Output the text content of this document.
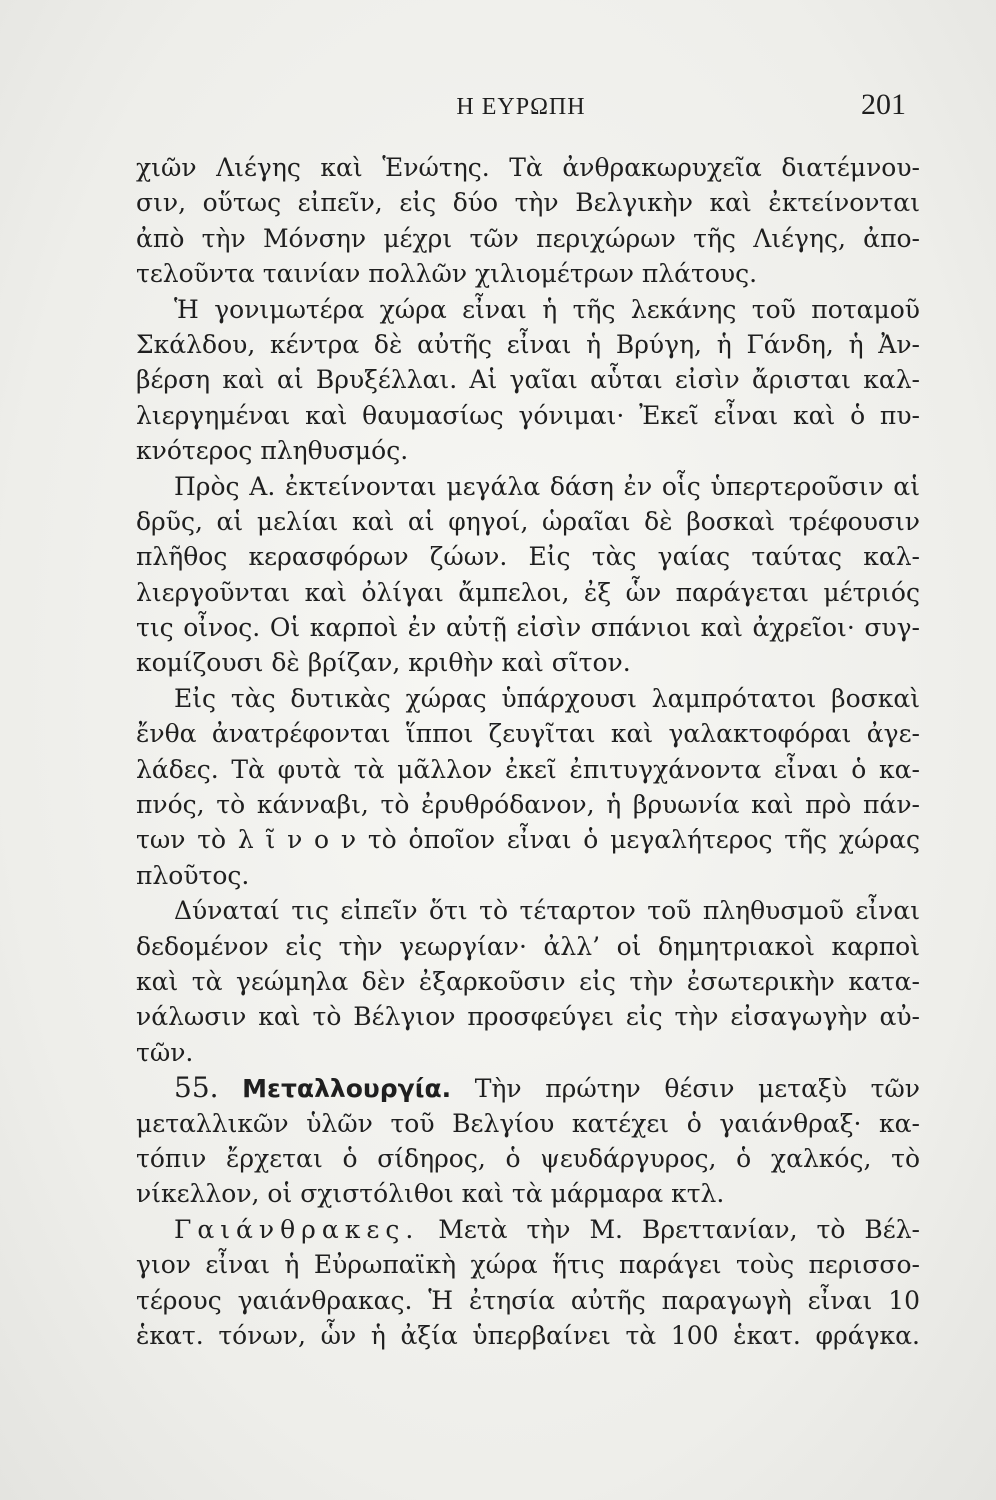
Η ΕΥΡΩΠΗ	201
χιῶν Λιέγης καὶ Ἑνώτης. Τὰ ἀνθρακωρυχεῖα διατέμνου-
σιν, οὕτως εἰπεῖν, εἰς δύο τὴν Βελγικὴν καὶ ἐκτείνονται
ἀπὸ τὴν Μόνσην μέχρι τῶν περιχώρων τῆς Λιέγης, ἀπο-
τελοῦντα ταινίαν πολλῶν χιλιομέτρων πλάτους.
Ἡ γονιμωτέρα χώρα εἶναι ἡ τῆς λεκάνης τοῦ ποταμοῦ
Σκάλδου, κέντρα δὲ αὐτῆς εἶναι ἡ Βρύγη, ἡ Γάνδη, ἡ Ἀν-
βέρση καὶ αἱ Βρυξέλλαι. Αἱ γαῖαι αὗται εἰσὶν ἄρισται καλ-
λιεργημέναι καὶ θαυμασίως γόνιμαι· Ἐκεῖ εἶναι καὶ ὁ πυ-
κνότερος πληθυσμός.
Πρὸς Α. ἐκτείνονται μεγάλα δάση ἐν οἷς ὑπερτεροῦσιν αἱ
δρῦς, αἱ μελίαι καὶ αἱ φηγοί, ὡραῖαι δὲ βοσκαὶ τρέφουσιν
πλῆθος κερασφόρων ζώων. Εἰς τὰς γαίας ταύτας καλ-
λιεργοῦνται καὶ ὀλίγαι ἄμπελοι, ἐξ ὧν παράγεται μέτριός
τις οἶνος. Οἱ καρποὶ ἐν αὐτῇ εἰσὶν σπάνιοι καὶ ἀχρεῖοι· συγ-
κομίζουσι δὲ βρίζαν, κριθὴν καὶ σῖτον.
Εἰς τὰς δυτικὰς χώρας ὑπάρχουσι λαμπρότατοι βοσκαὶ
ἔνθα ἀνατρέφονται ἵπποι ζευγῖται καὶ γαλακτοφόραι ἀγε-
λάδες. Τὰ φυτὰ τὰ μᾶλλον ἐκεῖ ἐπιτυγχάνοντα εἶναι ὁ κα-
πνός, τὸ κάνναβι, τὸ ἐρυθρόδανον, ἡ βρυωνία καὶ πρὸ πάν-
των τὸ λ ῖ ν ο ν τὸ ὁποῖον εἶναι ὁ μεγαλήτερος τῆς χώρας
πλοῦτος.
Δύναταί τις εἰπεῖν ὅτι τὸ τέταρτον τοῦ πληθυσμοῦ εἶναι
δεδομένον εἰς τὴν γεωργίαν· ἀλλ’ οἱ δημητριακοὶ καρποὶ
καὶ τὰ γεώμηλα δὲν ἐξαρκοῦσιν εἰς τὴν ἐσωτερικὴν κατα-
νάλωσιν καὶ τὸ Βέλγιον προσφεύγει εἰς τὴν εἰσαγωγὴν αὐ-
τῶν.
55. Μεταλλουργία. Τὴν πρώτην θέσιν μεταξὺ τῶν
μεταλλικῶν ὑλῶν τοῦ Βελγίου κατέχει ὁ γαιάνθραξ· κα-
τόπιν ἔρχεται ὁ σίδηρος, ὁ ψευδάργυρος, ὁ χαλκός, τὸ
νίκελλον, οἱ σχιστόλιθοι καὶ τὰ μάρμαρα κτλ.
Γαιάνθρακες. Μετὰ τὴν Μ. Βρεττανίαν, τὸ Βέλ-
γιον εἶναι ἡ Εὐρωπαϊκὴ χώρα ἥτις παράγει τοὺς περισσο-
τέρους γαιάνθρακας. Ἡ ἐτησία αὐτῆς παραγωγὴ εἶναι 10
ἑκατ. τόνων, ὧν ἡ ἀξία ὑπερβαίνει τὰ 100 ἑκατ. φράγκα.
